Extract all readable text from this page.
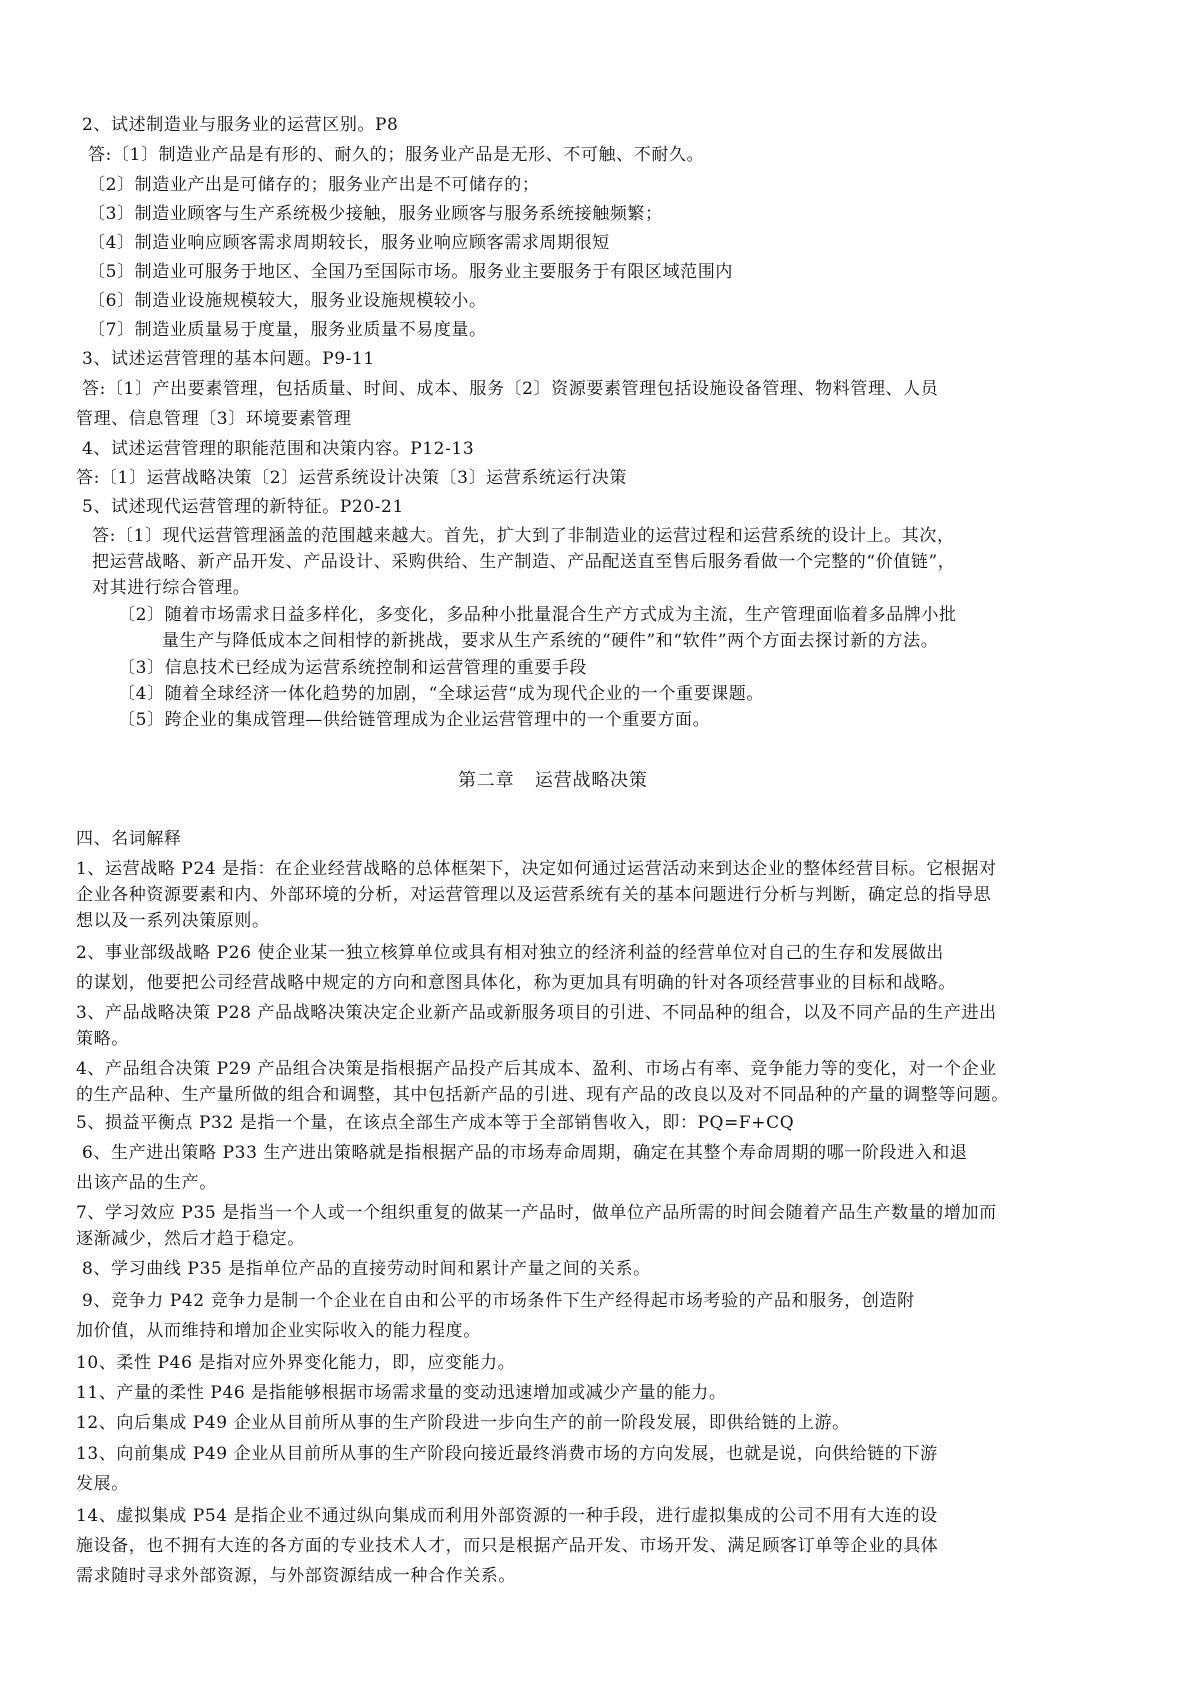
2、试述制造业与服务业的运营区别。P8
答:〔1〕制造业产品是有形的、耐久的；服务业产品是无形、不可触、不耐久。
〔2〕制造业产出是可储存的；服务业产出是不可储存的；
〔3〕制造业顾客与生产系统极少接触，服务业顾客与服务系统接触频繁；
〔4〕制造业响应顾客需求周期较长，服务业响应顾客需求周期很短
〔5〕制造业可服务于地区、全国乃至国际市场。服务业主要服务于有限区域范围内
〔6〕制造业设施规模较大，服务业设施规模较小。
〔7〕制造业质量易于度量，服务业质量不易度量。
3、试述运营管理的基本问题。P9-11
答:〔1〕产出要素管理，包括质量、时间、成本、服务〔2〕资源要素管理包括设施设备管理、物料管理、人员
管理、信息管理〔3〕环境要素管理
4、试述运营管理的职能范围和决策内容。P12-13
答:〔1〕运营战略决策〔2〕运营系统设计决策〔3〕运营系统运行决策
5、试述现代运营管理的新特征。P20-21
答:〔1〕现代运营管理涵盖的范围越来越大。首先，扩大到了非制造业的运营过程和运营系统的设计上。其次，
把运营战略、新产品开发、产品设计、采购供给、生产制造、产品配送直至售后服务看做一个完整的“价值链”，
对其进行综合管理。
〔2〕随着市场需求日益多样化，多变化，多品种小批量混合生产方式成为主流，生产管理面临着多品牌小批
量生产与降低成本之间相悖的新挑战，要求从生产系统的“硬件”和“软件”两个方面去探讨新的方法。
〔3〕信息技术已经成为运营系统控制和运营管理的重要手段
〔4〕随着全球经济一体化趋势的加剧，“全球运营“成为现代企业的一个重要课题。
〔5〕跨企业的集成管理—供给链管理成为企业运营管理中的一个重要方面。
第二章 运营战略决策
四、名词解释
1、运营战略 P24 是指：在企业经营战略的总体框架下，决定如何通过运营活动来到达企业的整体经营目标。它根据对
企业各种资源要素和内、外部环境的分析，对运营管理以及运营系统有关的基本问题进行分析与判断，确定总的指导思
想以及一系列决策原则。
2、事业部级战略 P26 使企业某一独立核算单位或具有相对独立的经济利益的经营单位对自己的生存和发展做出
的谋划，他要把公司经营战略中规定的方向和意图具体化，称为更加具有明确的针对各项经营事业的目标和战略。
3、产品战略决策 P28 产品战略决策决定企业新产品或新服务项目的引进、不同品种的组合，以及不同产品的生产进出
策略。
4、产品组合决策 P29 产品组合决策是指根据产品投产后其成本、盈利、市场占有率、竞争能力等的变化，对一个企业
的生产品种、生产量所做的组合和调整，其中包括新产品的引进、现有产品的改良以及对不同品种的产量的调整等问题。
5、损益平衡点 P32 是指一个量，在该点全部生产成本等于全部销售收入，即：PQ=F+CQ
6、生产进出策略 P33 生产进出策略就是指根据产品的市场寿命周期，确定在其整个寿命周期的哪一阶段进入和退
出该产品的生产。
7、学习效应 P35 是指当一个人或一个组织重复的做某一产品时，做单位产品所需的时间会随着产品生产数量的增加而
逐渐减少，然后才趋于稳定。
8、学习曲线 P35 是指单位产品的直接劳动时间和累计产量之间的关系。
9、竞争力 P42 竞争力是制一个企业在自由和公平的市场条件下生产经得起市场考验的产品和服务，创造附
加价值，从而维持和增加企业实际收入的能力程度。
10、柔性 P46 是指对应外界变化能力，即，应变能力。
11、产量的柔性 P46 是指能够根据市场需求量的变动迅速增加或减少产量的能力。
12、向后集成 P49 企业从目前所从事的生产阶段进一步向生产的前一阶段发展，即供给链的上游。
13、向前集成 P49 企业从目前所从事的生产阶段向接近最终消费市场的方向发展，也就是说，向供给链的下游
发展。
14、虚拟集成 P54 是指企业不通过纵向集成而利用外部资源的一种手段，进行虚拟集成的公司不用有大连的设
施设备，也不拥有大连的各方面的专业技术人才，而只是根据产品开发、市场开发、满足顾客订单等企业的具体
需求随时寻求外部资源，与外部资源结成一种合作关系。
